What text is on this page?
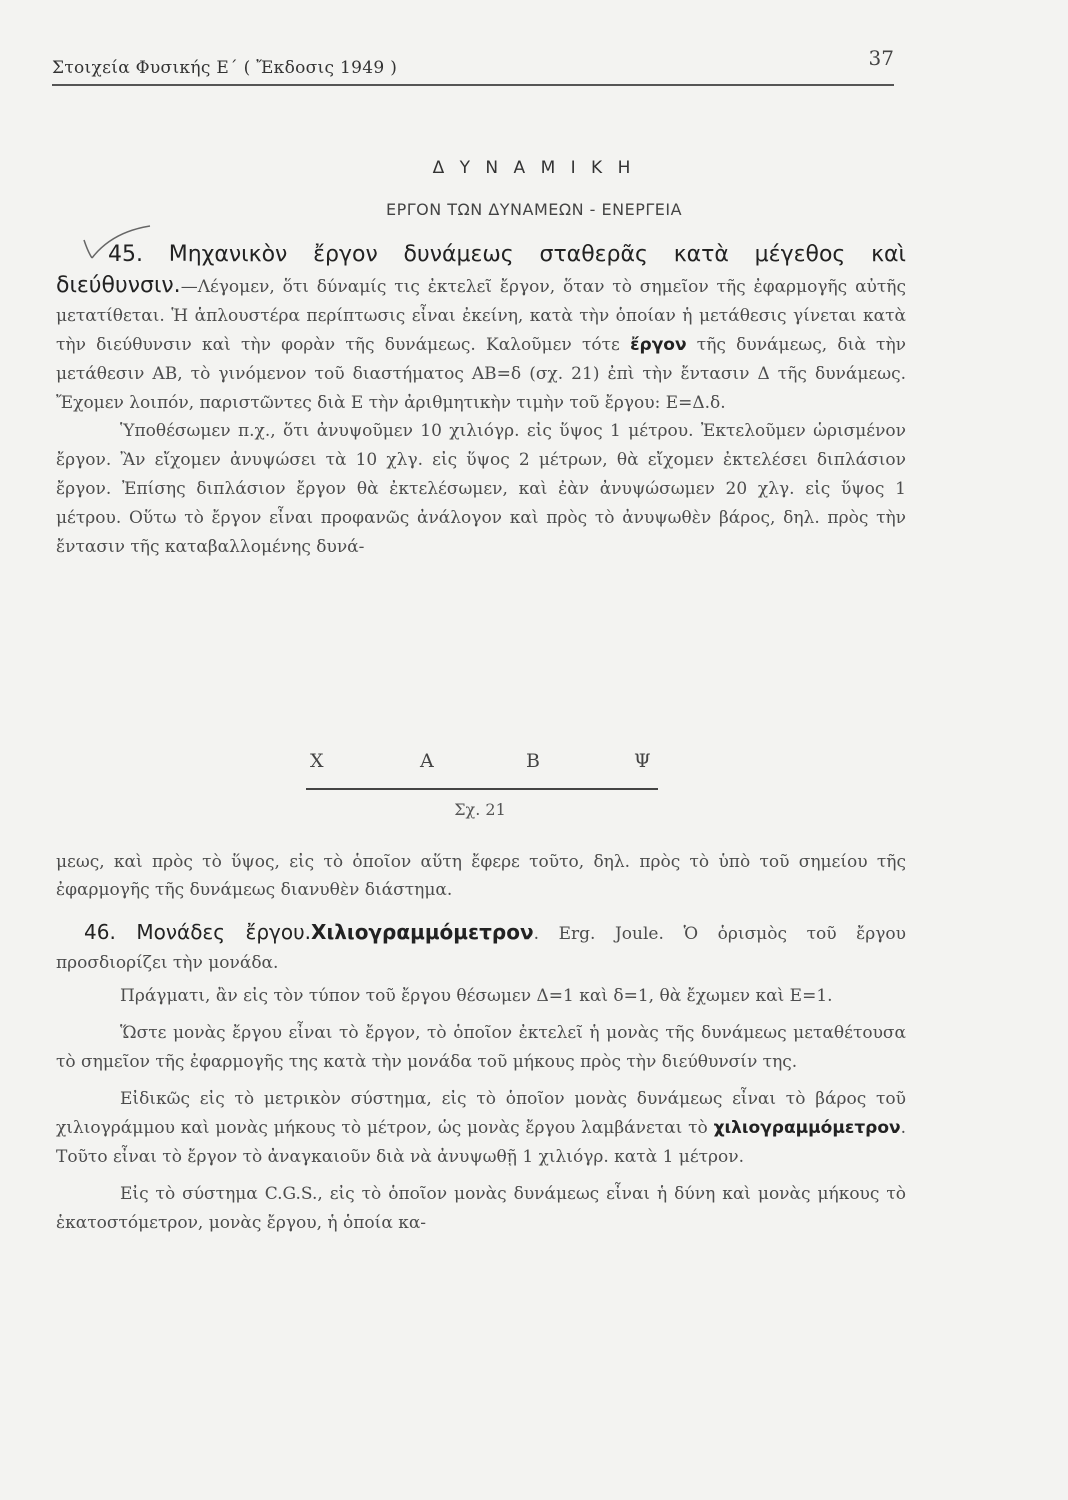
Στοιχεία Φυσικής Ε΄ ( Ἔκδοσις 1949 )	37
Δ Υ Ν Α Μ Ι Κ Η
ΕΡΓΟΝ ΤΩΝ ΔΥΝΑΜΕΩΝ - ΕΝΕΡΓΕΙΑ

45. Μηχανικὸν ἔργον δυνάμεως σταθερᾶς κατὰ μέγεθος καὶ διεύθυνσιν.—Λέγομεν, ὅτι δύναμίς τις ἐκτελεῖ ἔργον, ὅταν τὸ σημεῖον τῆς ἐφαρμογῆς αὐτῆς μετατίθεται. Ἡ ἁπλουστέρα περίπτωσις εἶναι ἐκείνη, κατὰ τὴν ὁποίαν ἡ μετάθεσις γίνεται κατὰ τὴν διεύθυνσιν καὶ τὴν φορὰν τῆς δυνάμεως. Καλοῦμεν τότε ἔργον τῆς δυνάμεως, διὰ τὴν μετάθεσιν ΑΒ, τὸ γινόμενον τοῦ διαστήματος ΑΒ=δ (σχ. 21) ἐπὶ τὴν ἔντασιν Δ τῆς δυνάμεως. Ἔχομεν λοιπόν, παριστῶντες διὰ Ε τὴν ἀριθμητικὴν τιμὴν τοῦ ἔργου: Ε=Δ.δ.

Ὑποθέσωμεν π.χ., ὅτι ἀνυψοῦμεν 10 χιλιόγρ. εἰς ὕψος 1 μέτρου. Ἐκτελοῦμεν ὡρισμένον ἔργον. Ἂν εἴχομεν ἀνυψώσει τὰ 10 χλγ. εἰς ὕψος 2 μέτρων, θὰ εἴχομεν ἐκτελέσει διπλάσιον ἔργον. Ἐπίσης διπλάσιον ἔργον θὰ ἐκτελέσωμεν, καὶ ἐὰν ἀνυψώσωμεν 20 χλγ. εἰς ὕψος 1 μέτρου. Οὕτω τὸ ἔργον εἶναι προφανῶς ἀνάλογον καὶ πρὸς τὸ ἀνυψωθὲν βάρος, δηλ. πρὸς τὴν ἔντασιν τῆς καταβαλλομένης δυνά-

Χ	Α	Β	Ψ
Σχ. 21

μεως, καὶ πρὸς τὸ ὕψος, εἰς τὸ ὁποῖον αὕτη ἔφερε τοῦτο, δηλ. πρὸς τὸ ὑπὸ τοῦ σημείου τῆς ἐφαρμογῆς τῆς δυνάμεως διανυθὲν διάστημα.

46. Μονάδες ἔργου.Χιλιογραμμόμετρον. Erg. Joule. Ὁ ὁρισμὸς τοῦ ἔργου προσδιορίζει τὴν μονάδα.

Πράγματι, ἂν εἰς τὸν τύπον τοῦ ἔργου θέσωμεν Δ=1 καὶ δ=1, θὰ ἔχωμεν καὶ Ε=1.

Ὥστε μονὰς ἔργου εἶναι τὸ ἔργον, τὸ ὁποῖον ἐκτελεῖ ἡ μονὰς τῆς δυνάμεως μεταθέτουσα τὸ σημεῖον τῆς ἐφαρμογῆς της κατὰ τὴν μονάδα τοῦ μήκους πρὸς τὴν διεύθυνσίν της.

Εἰδικῶς εἰς τὸ μετρικὸν σύστημα, εἰς τὸ ὁποῖον μονὰς δυνάμεως εἶναι τὸ βάρος τοῦ χιλιογράμμου καὶ μονὰς μήκους τὸ μέτρον, ὡς μονὰς ἔργου λαμβάνεται τὸ χιλιογραμμόμετρον. Τοῦτο εἶναι τὸ ἔργον τὸ ἀναγκαιοῦν διὰ νὰ ἀνυψωθῇ 1 χιλιόγρ. κατὰ 1 μέτρον.

Εἰς τὸ σύστημα C.G.S., εἰς τὸ ὁποῖον μονὰς δυνάμεως εἶναι ἡ δύνη καὶ μονὰς μήκους τὸ ἑκατοστόμετρον, μονὰς ἔργου, ἡ ὁποία κα-
